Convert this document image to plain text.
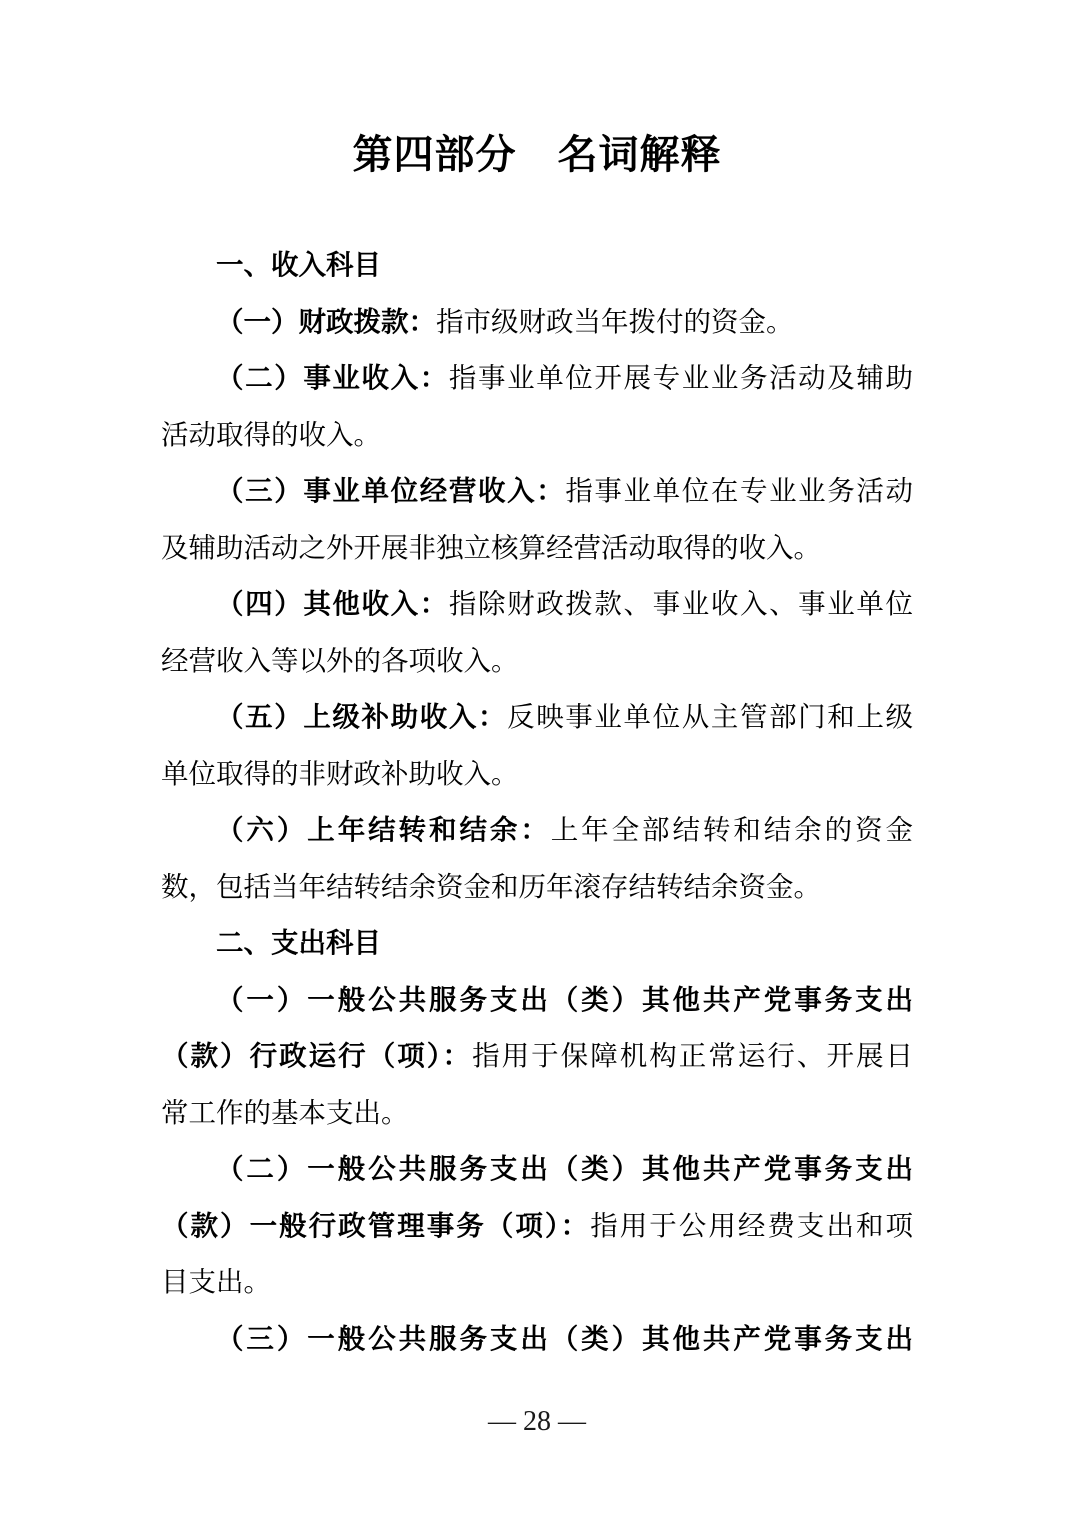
第四部分　名词解释
一、收入科目
（一）财政拨款：指市级财政当年拨付的资金。
（二）事业收入：指事业单位开展专业业务活动及辅助
活动取得的收入。
（三）事业单位经营收入：指事业单位在专业业务活动
及辅助活动之外开展非独立核算经营活动取得的收入。
（四）其他收入：指除财政拨款、事业收入、事业单位
经营收入等以外的各项收入。
（五）上级补助收入：反映事业单位从主管部门和上级
单位取得的非财政补助收入。
（六）上年结转和结余：上年全部结转和结余的资金
数，包括当年结转结余资金和历年滚存结转结余资金。
二、支出科目
（一）一般公共服务支出（类）其他共产党事务支出
（款）行政运行（项）：指用于保障机构正常运行、开展日
常工作的基本支出。
（二）一般公共服务支出（类）其他共产党事务支出
（款）一般行政管理事务（项）：指用于公用经费支出和项
目支出。
（三）一般公共服务支出（类）其他共产党事务支出
— 28 —
